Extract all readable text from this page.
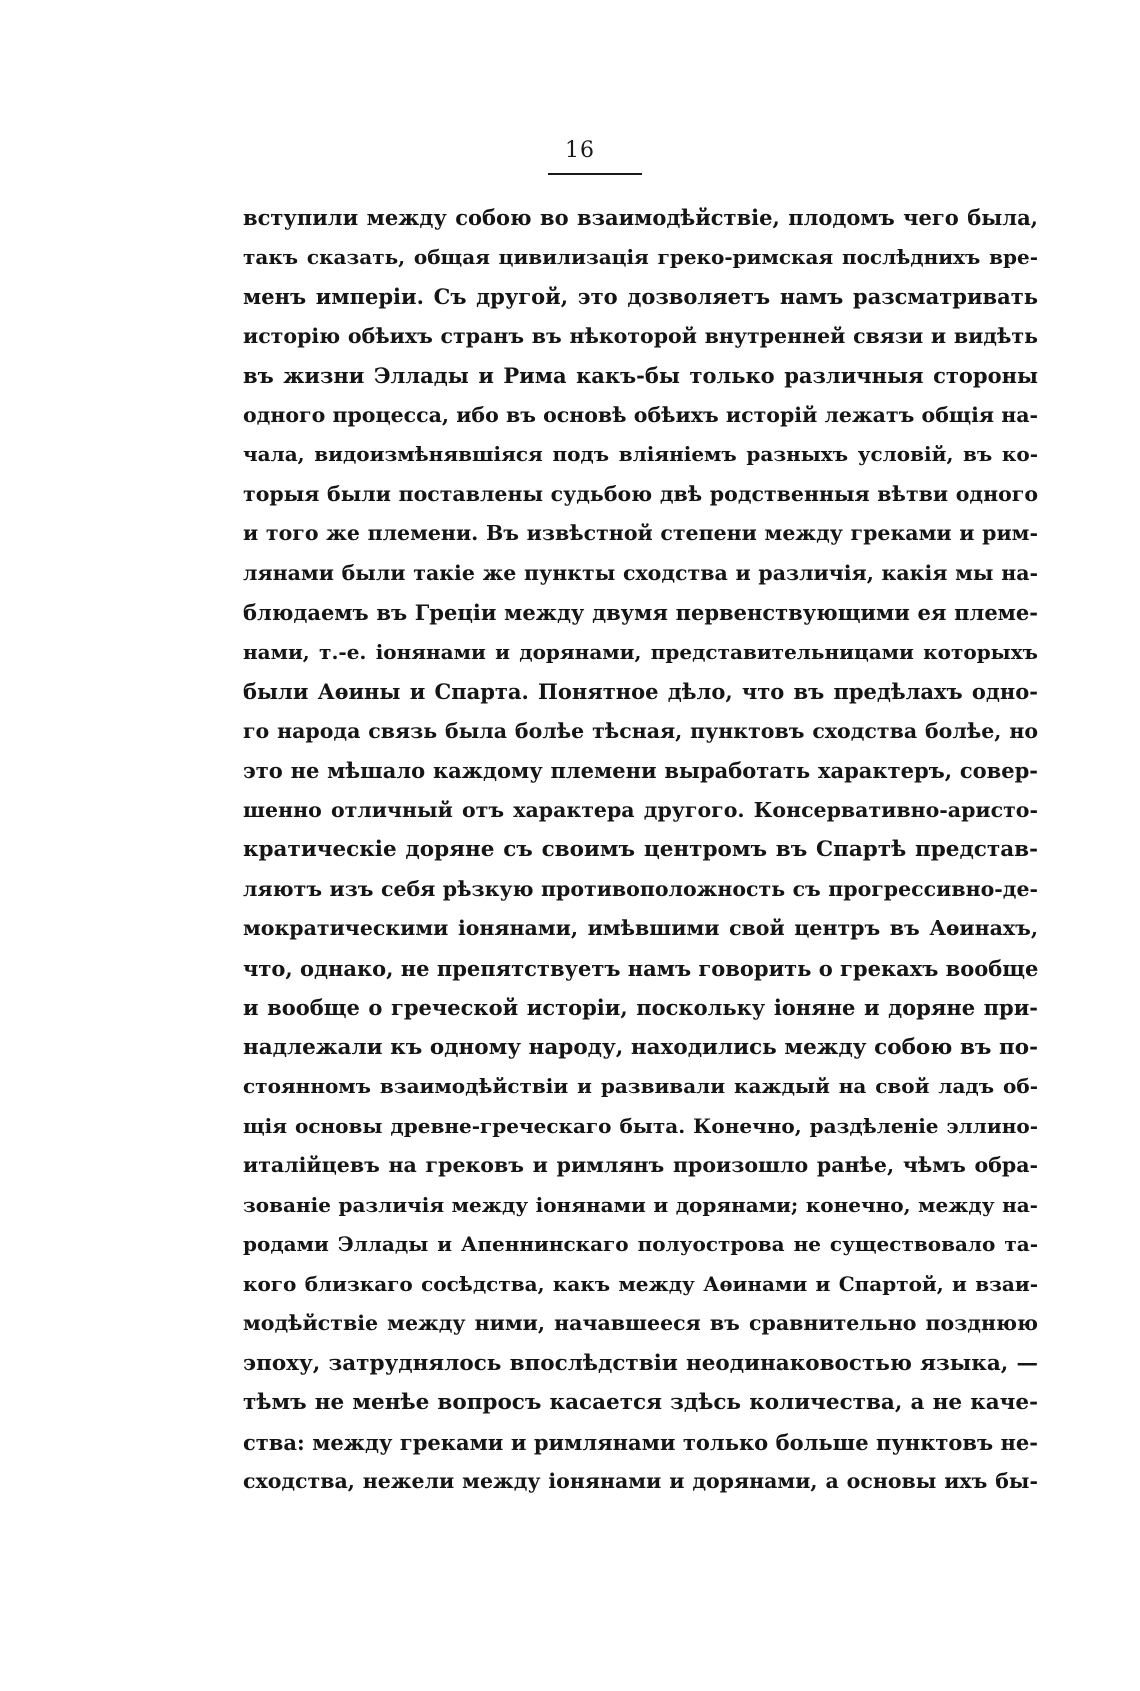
16
вступили между собою во взаимодѣйствіе, плодомъ чего была,
такъ сказать, общая цивилизація греко-римская послѣднихъ вре-
менъ имперіи. Съ другой, это дозволяетъ намъ разсматривать
исторію обѣихъ странъ въ нѣкоторой внутренней связи и видѣть
въ жизни Эллады и Рима какъ-бы только различныя стороны
одного процесса, ибо въ основѣ обѣихъ исторій лежатъ общія на-
чала, видоизмѣнявшіяся подъ вліяніемъ разныхъ условій, въ ко-
торыя были поставлены судьбою двѣ родственныя вѣтви одного
и того же племени. Въ извѣстной степени между греками и рим-
лянами были такіе же пункты сходства и различія, какія мы на-
блюдаемъ въ Греціи между двумя первенствующими ея племе-
нами, т.-е. іонянами и дорянами, представительницами которыхъ
были Аѳины и Спарта. Понятное дѣло, что въ предѣлахъ одно-
го народа связь была болѣе тѣсная, пунктовъ сходства болѣе, но
это не мѣшало каждому племени выработать характеръ, совер-
шенно отличный отъ характера другого. Консервативно-аристо-
кратическіе доряне съ своимъ центромъ въ Спартѣ представ-
ляютъ изъ себя рѣзкую противоположность съ прогрессивно-де-
мократическими іонянами, имѣвшими свой центръ въ Аѳинахъ,
что, однако, не препятствуетъ намъ говорить о грекахъ вообще
и вообще о греческой исторіи, поскольку іоняне и доряне при-
надлежали къ одному народу, находились между собою въ по-
стоянномъ взаимодѣйствіи и развивали каждый на свой ладъ об-
щія основы древне-греческаго быта. Конечно, раздѣленіе эллино-
италійцевъ на грековъ и римлянъ произошло ранѣе, чѣмъ обра-
зованіе различія между іонянами и дорянами; конечно, между на-
родами Эллады и Апеннинскаго полуострова не существовало та-
кого близкаго сосѣдства, какъ между Аѳинами и Спартой, и взаи-
модѣйствіе между ними, начавшееся въ сравнительно позднюю
эпоху, затруднялось впослѣдствіи неодинаковостью языка, —
тѣмъ не менѣе вопросъ касается здѣсь количества, а не каче-
ства: между греками и римлянами только больше пунктовъ не-
сходства, нежели между іонянами и дорянами, а основы ихъ бы-
